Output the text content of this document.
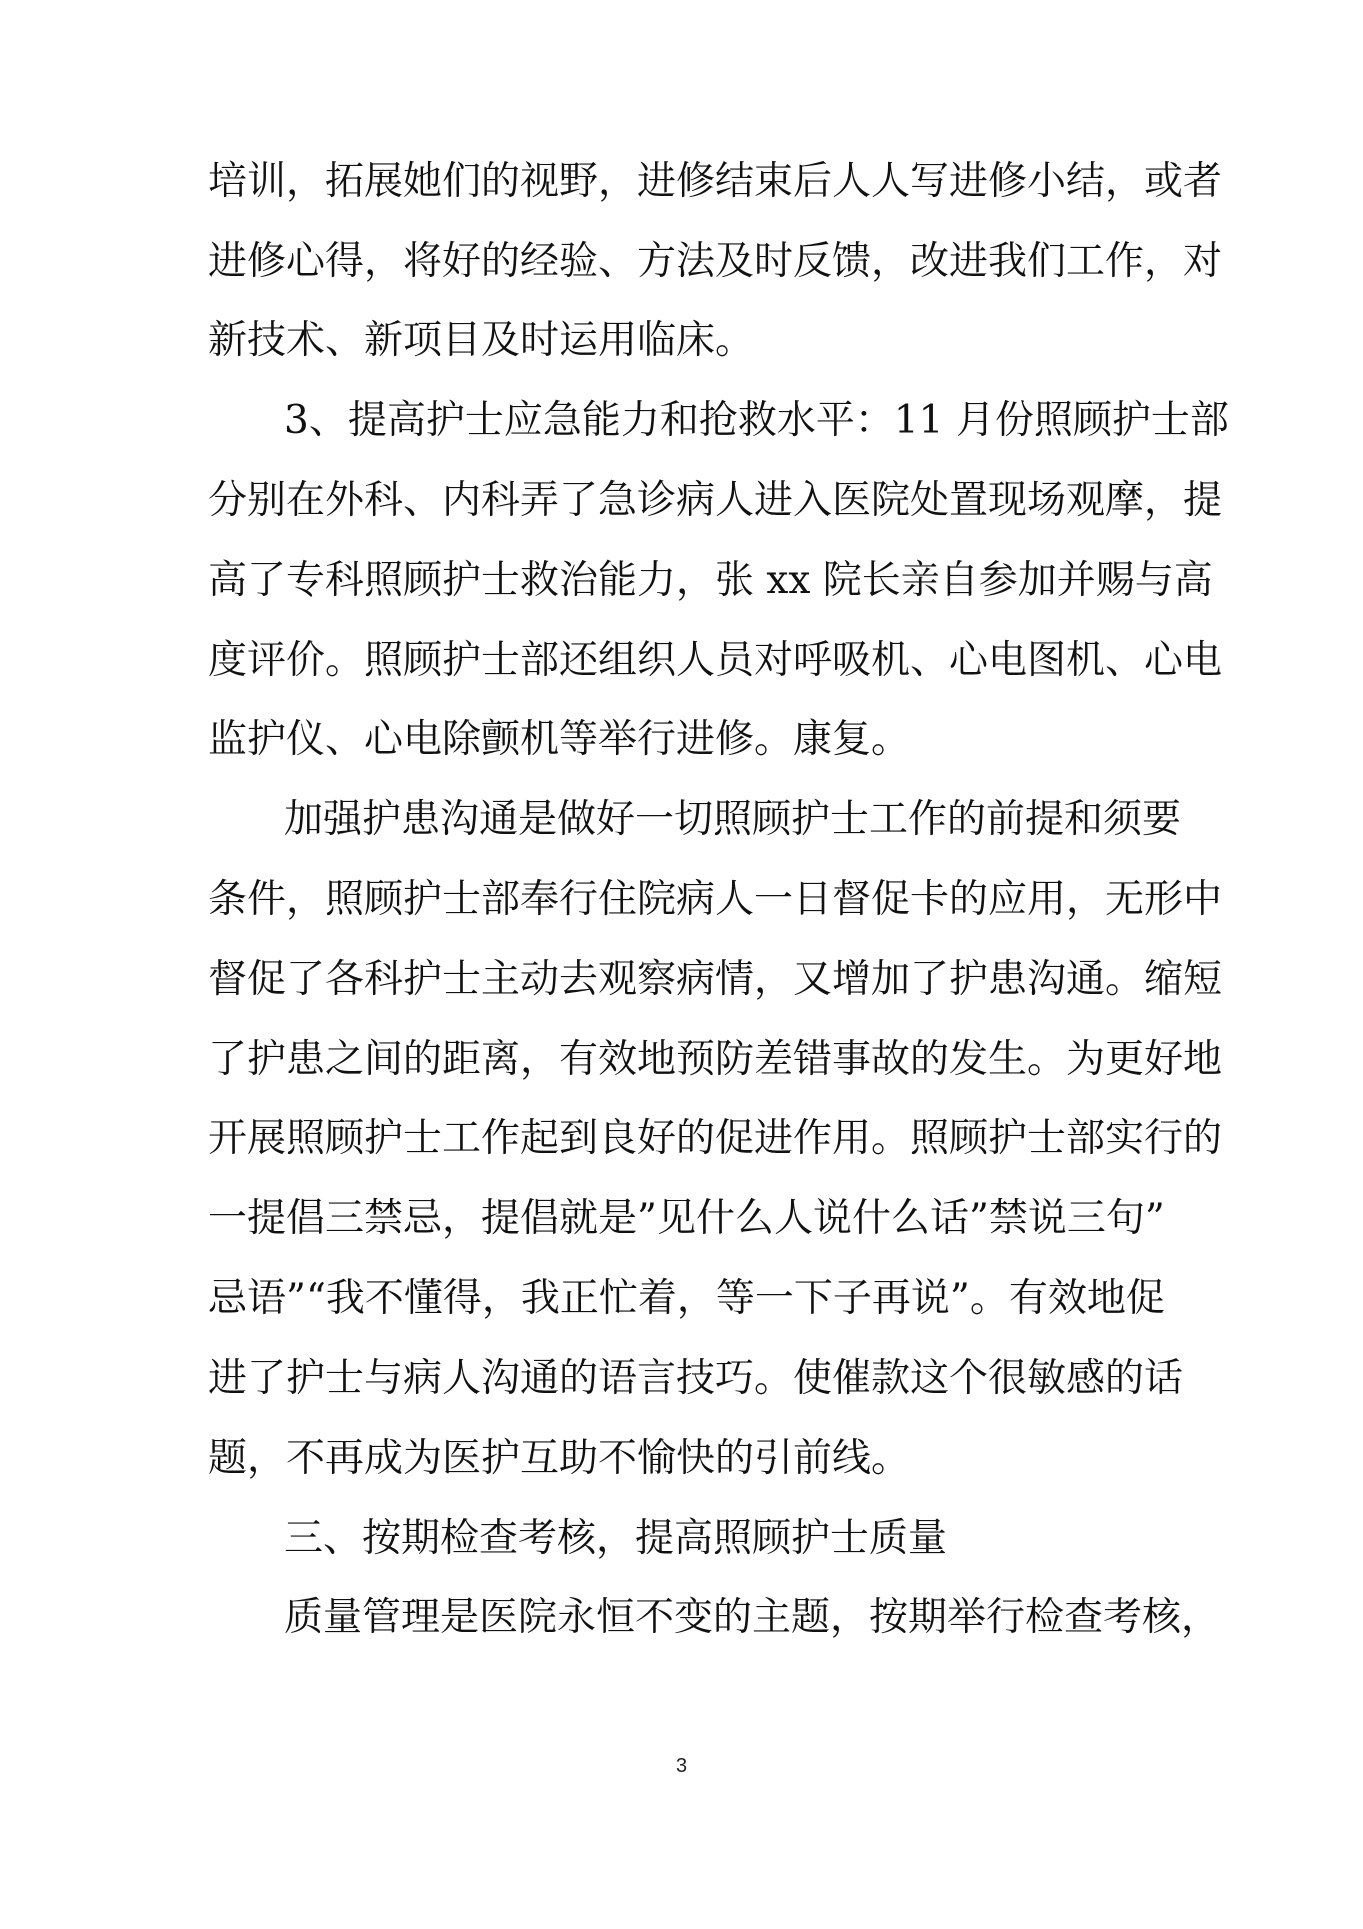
培训，拓展她们的视野，进修结束后人人写进修小结，或者
进修心得，将好的经验、方法及时反馈，改进我们工作，对
新技术、新项目及时运用临床。
3、提高护士应急能力和抢救水平：11 月份照顾护士部
分别在外科、内科弄了急诊病人进入医院处置现场观摩，提
高了专科照顾护士救治能力，张 xx 院长亲自参加并赐与高
度评价。照顾护士部还组织人员对呼吸机、心电图机、心电
监护仪、心电除颤机等举行进修。康复。
加强护患沟通是做好一切照顾护士工作的前提和须要
条件，照顾护士部奉行住院病人一日督促卡的应用，无形中
督促了各科护士主动去观察病情，又增加了护患沟通。缩短
了护患之间的距离，有效地预防差错事故的发生。为更好地
开展照顾护士工作起到良好的促进作用。照顾护士部实行的
一提倡三禁忌，提倡就是”见什么人说什么话”禁说三句”
忌语”“我不懂得，我正忙着，等一下子再说”。有效地促
进了护士与病人沟通的语言技巧。使催款这个很敏感的话
题，不再成为医护互助不愉快的引前线。
三、按期检查考核，提高照顾护士质量
质量管理是医院永恒不变的主题，按期举行检查考核，
3
